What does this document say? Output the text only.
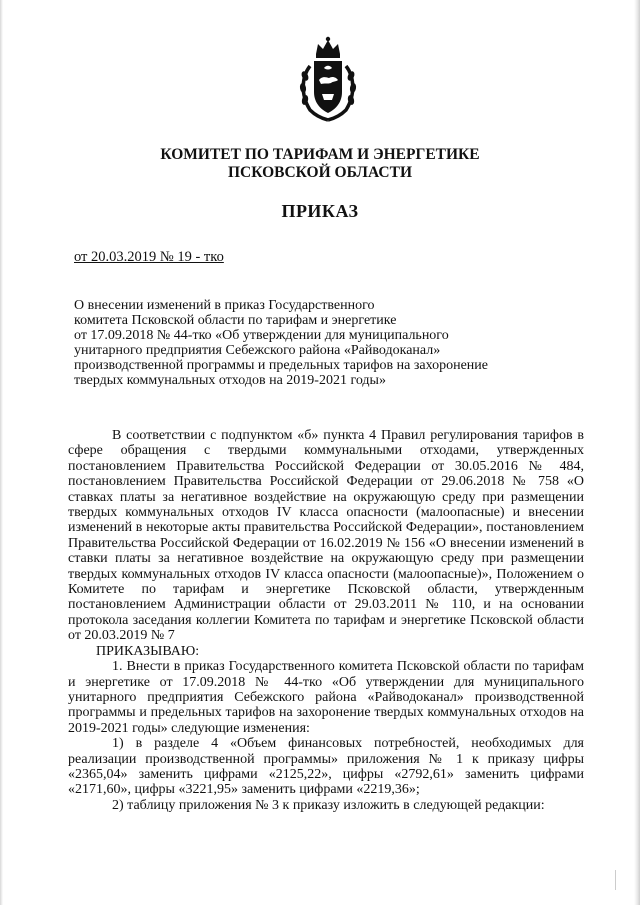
КОМИТЕТ ПО ТАРИФАМ И ЭНЕРГЕТИКЕ
ПСКОВСКОЙ ОБЛАСТИ
ПРИКАЗ
от 20.03.2019 № 19 - тко
О внесении изменений в приказ Государственного
комитета Псковской области по тарифам и энергетике
от 17.09.2018 № 44-тко «Об утверждении для муниципального
унитарного предприятия Себежского района «Райводоканал»
производственной программы и предельных тарифов на захоронение
твердых коммунальных отходов на 2019-2021 годы»

В соответствии с подпунктом «б» пункта 4 Правил регулирования тарифов в сфере обращения с твердыми коммунальными отходами, утвержденных постановлением Правительства Российской Федерации от 30.05.2016 № 484, постановлением Правительства Российской Федерации от 29.06.2018 № 758 «О ставках платы за негативное воздействие на окружающую среду при размещении твердых коммунальных отходов IV класса опасности (малоопасные) и внесении изменений в некоторые акты правительства Российской Федерации», постановлением Правительства Российской Федерации от 16.02.2019 № 156 «О внесении изменений в ставки платы за негативное воздействие на окружающую среду при размещении твердых коммунальных отходов IV класса опасности (малоопасные)», Положением о Комитете по тарифам и энергетике Псковской области, утвержденным постановлением Администрации области от 29.03.2011 № 110, и на основании протокола заседания коллегии Комитета по тарифам и энергетике Псковской области от 20.03.2019 № 7

ПРИКАЗЫВАЮ:

1. Внести в приказ Государственного комитета Псковской области по тарифам и энергетике от 17.09.2018 № 44-тко «Об утверждении для муниципального унитарного предприятия Себежского района «Райводоканал» производственной программы и предельных тарифов на захоронение твердых коммунальных отходов на 2019-2021 годы» следующие изменения:

1) в разделе 4 «Объем финансовых потребностей, необходимых для реализации производственной программы» приложения № 1 к приказу цифры «2365,04» заменить цифрами «2125,22», цифры «2792,61» заменить цифрами «2171,60», цифры «3221,95» заменить цифрами «2219,36»;

2) таблицу приложения № 3 к приказу изложить в следующей редакции:
